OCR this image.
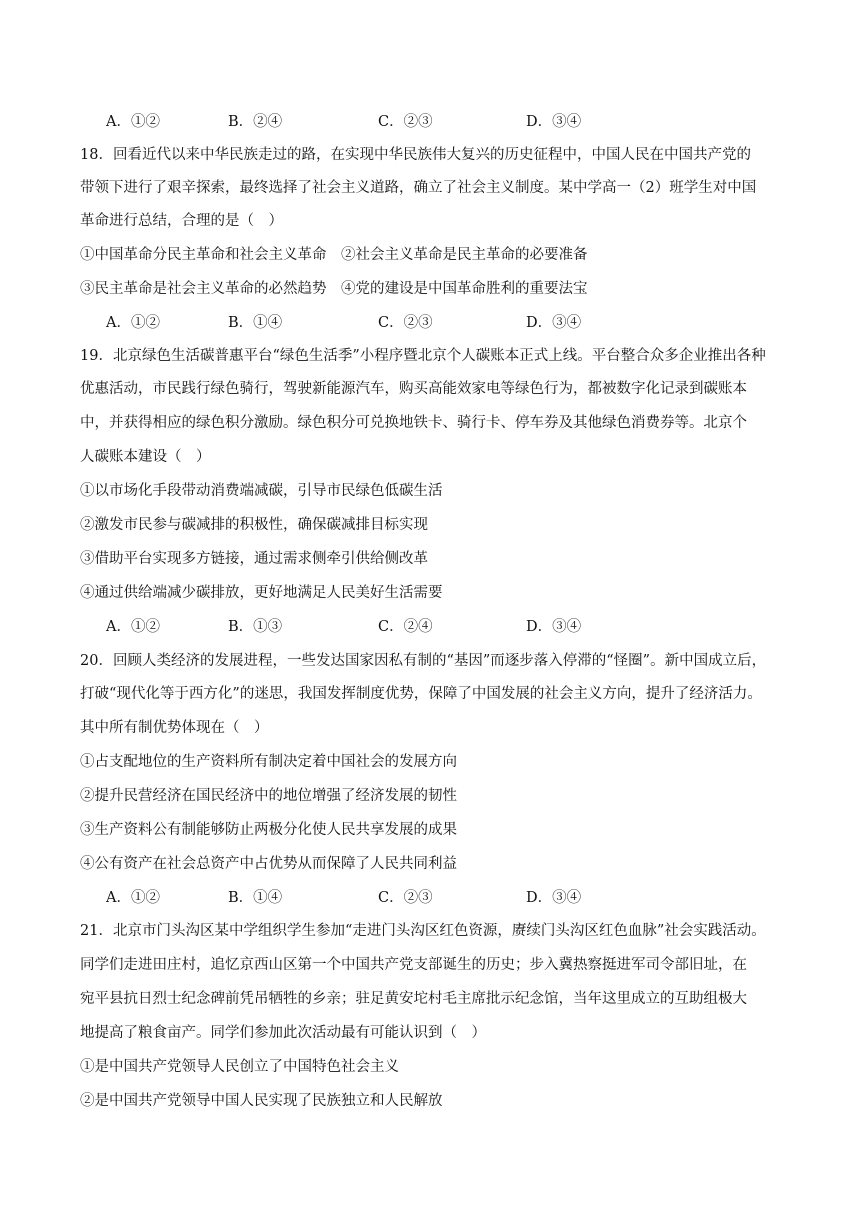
A．①②	B．②④	C．②③	D．③④
18．回看近代以来中华民族走过的路，在实现中华民族伟大复兴的历史征程中，中国人民在中国共产党的
带领下进行了艰辛探索，最终选择了社会主义道路，确立了社会主义制度。某中学高一（2）班学生对中国
革命进行总结，合理的是（　）
①中国革命分民主革命和社会主义革命　②社会主义革命是民主革命的必要准备
③民主革命是社会主义革命的必然趋势　④党的建设是中国革命胜利的重要法宝
A．①②	B．①④	C．②③	D．③④
19．北京绿色生活碳普惠平台“绿色生活季”小程序暨北京个人碳账本正式上线。平台整合众多企业推出各种
优惠活动，市民践行绿色骑行，驾驶新能源汽车，购买高能效家电等绿色行为，都被数字化记录到碳账本
中，并获得相应的绿色积分激励。绿色积分可兑换地铁卡、骑行卡、停车券及其他绿色消费券等。北京个
人碳账本建设（　）
①以市场化手段带动消费端减碳，引导市民绿色低碳生活
②激发市民参与碳减排的积极性，确保碳减排目标实现
③借助平台实现多方链接，通过需求侧牵引供给侧改革
④通过供给端减少碳排放，更好地满足人民美好生活需要
A．①②	B．①③	C．②④	D．③④
20．回顾人类经济的发展进程，一些发达国家因私有制的“基因”而逐步落入停滞的“怪圈”。新中国成立后，
打破“现代化等于西方化”的迷思，我国发挥制度优势，保障了中国发展的社会主义方向，提升了经济活力。
其中所有制优势体现在（　）
①占支配地位的生产资料所有制决定着中国社会的发展方向
②提升民营经济在国民经济中的地位增强了经济发展的韧性
③生产资料公有制能够防止两极分化使人民共享发展的成果
④公有资产在社会总资产中占优势从而保障了人民共同利益
A．①②	B．①④	C．②③	D．③④
21．北京市门头沟区某中学组织学生参加“走进门头沟区红色资源，赓续门头沟区红色血脉”社会实践活动。
同学们走进田庄村，追忆京西山区第一个中国共产党支部诞生的历史；步入冀热察挺进军司令部旧址，在
宛平县抗日烈士纪念碑前凭吊牺牲的乡亲；驻足黄安坨村毛主席批示纪念馆，当年这里成立的互助组极大
地提高了粮食亩产。同学们参加此次活动最有可能认识到（　）
①是中国共产党领导人民创立了中国特色社会主义
②是中国共产党领导中国人民实现了民族独立和人民解放
